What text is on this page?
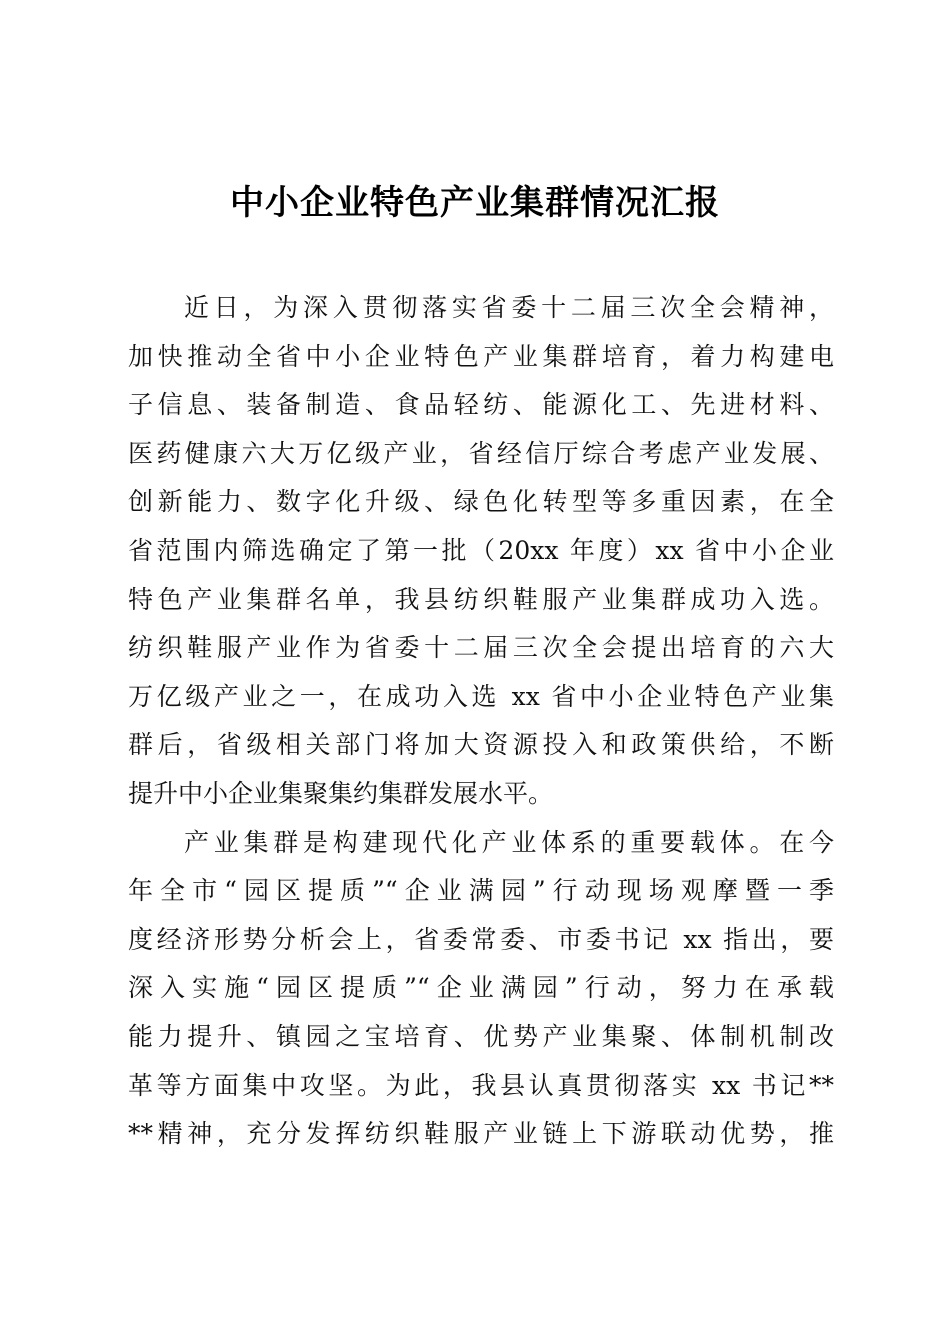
中小企业特色产业集群情况汇报
近日，为深入贯彻落实省委十二届三次全会精神，
加快推动全省中小企业特色产业集群培育，着力构建电
子信息、装备制造、食品轻纺、能源化工、先进材料、
医药健康六大万亿级产业，省经信厅综合考虑产业发展、
创新能力、数字化升级、绿色化转型等多重因素，在全
省范围内筛选确定了第一批（20xx 年度）xx 省中小企业
特色产业集群名单，我县纺织鞋服产业集群成功入选。
纺织鞋服产业作为省委十二届三次全会提出培育的六大
万亿级产业之一，在成功入选 xx 省中小企业特色产业集
群后，省级相关部门将加大资源投入和政策供给，不断
提升中小企业集聚集约集群发展水平。
产业集群是构建现代化产业体系的重要载体。在今
年全市“园区提质”“企业满园”行动现场观摩暨一季
度经济形势分析会上，省委常委、市委书记 xx 指出，要
深入实施“园区提质”“企业满园”行动，努力在承载
能力提升、镇园之宝培育、优势产业集聚、体制机制改
革等方面集中攻坚。为此，我县认真贯彻落实 xx 书记**
**精神，充分发挥纺织鞋服产业链上下游联动优势，推
